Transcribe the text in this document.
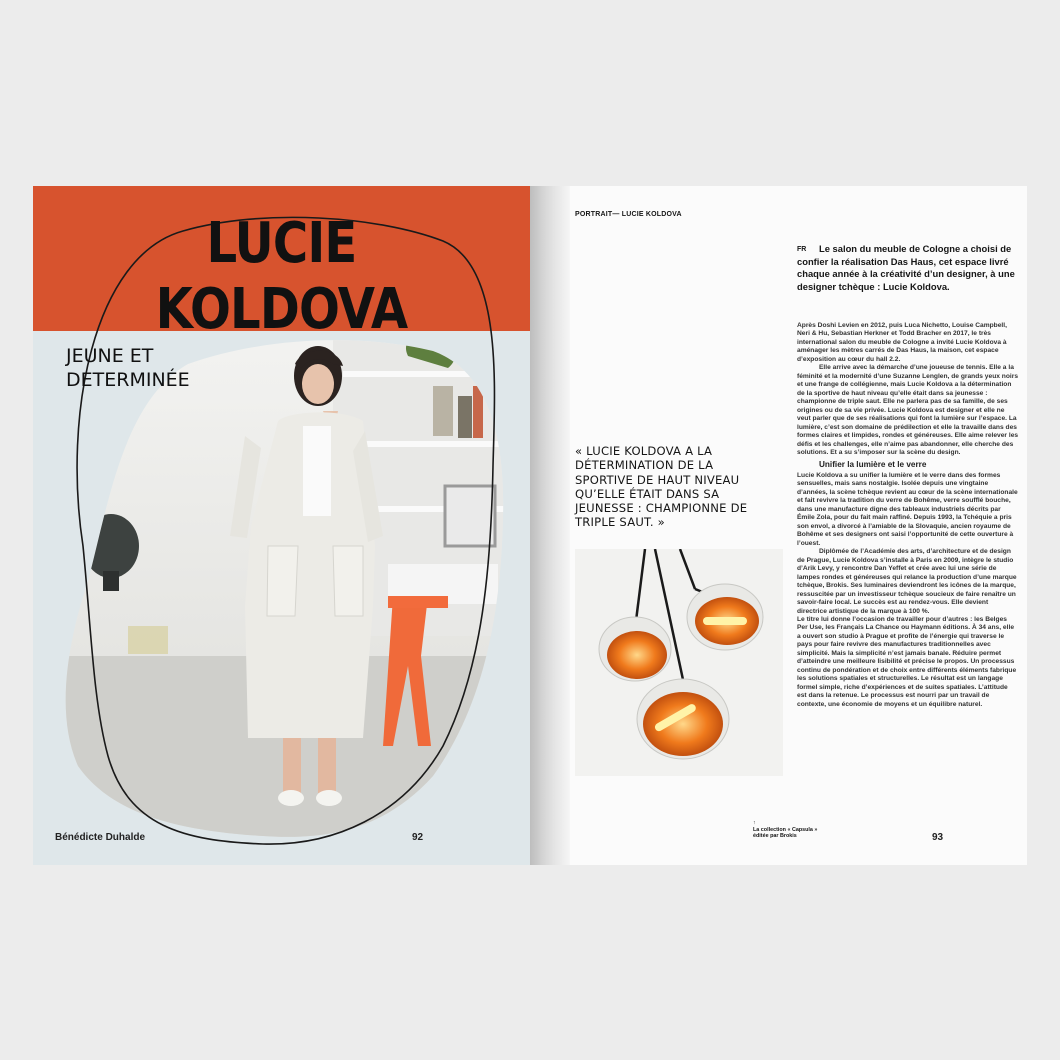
LUCIE
KOLDOVA
JEUNE ET
DETERMINÉE
Bénédicte Duhalde	92
PORTRAIT— LUCIE KOLDOVA
FR	Le salon du meuble de Cologne a choisi de confier la réalisation Das Haus, cet espace livré chaque année à la créativité d’un designer, à une designer tchèque : Lucie Koldova.

« LUCIE KOLDOVA A LA DÉTERMINATION DE LA SPORTIVE DE HAUT NIVEAU QU’ELLE ÉTAIT DANS SA JEUNESSE : CHAMPIONNE DE TRIPLE SAUT. »

↑
La collection « Capsula » éditée par Brokis

Après Doshi Levien en 2012, puis Luca Nichetto, Louise Campbell, Neri & Hu, Sebastian Herkner et Todd Bracher en 2017, le très international salon du meuble de Cologne a invité Lucie Koldova à aménager les mètres carrés de Das Haus, la maison, cet espace d’exposition au cœur du hall 2.2.

Elle arrive avec la démarche d’une joueuse de tennis. Elle a la féminité et la modernité d’une Suzanne Lenglen, de grands yeux noirs et une frange de collégienne, mais Lucie Koldova a la détermination de la sportive de haut niveau qu’elle était dans sa jeunesse : championne de triple saut. Elle ne parlera pas de sa famille, de ses origines ou de sa vie privée. Lucie Koldova est designer et elle ne veut parler que de ses réalisations qui font la lumière sur l’espace. La lumière, c’est son domaine de prédilection et elle la travaille dans des formes claires et limpides, rondes et généreuses. Elle aime relever les défis et les challenges, elle n’aime pas abandonner, elle cherche des solutions. Et a su s’imposer sur la scène du design.

Unifier la lumière et le verre

Lucie Koldova a su unifier la lumière et le verre dans des formes sensuelles, mais sans nostalgie. Isolée depuis une vingtaine d’années, la scène tchèque revient au cœur de la scène internationale et fait revivre la tradition du verre de Bohême, verre soufflé bouche, dans une manufacture digne des tableaux industriels décrits par Émile Zola, pour du fait main raffiné. Depuis 1993, la Tchéquie a pris son envol, a divorcé à l’amiable de la Slovaquie, ancien royaume de Bohême et ses designers ont saisi l’opportunité de cette ouverture à l’ouest.

Diplômée de l’Académie des arts, d’architecture et de design de Prague, Lucie Koldova s’installe à Paris en 2009, intègre le studio d’Arik Levy, y rencontre Dan Yeffet et crée avec lui une série de lampes rondes et généreuses qui relance la production d’une marque tchèque, Brokis. Ses luminaires deviendront les icônes de la marque, ressuscitée par un investisseur tchèque soucieux de faire renaître un savoir-faire local. Le succès est au rendez-vous. Elle devient directrice artistique de la marque à 100 %.

Le titre lui donne l’occasion de travailler pour d’autres : les Belges Per Use, les Français La Chance ou Haymann éditions. À 34 ans, elle a ouvert son studio à Prague et profite de l’énergie qui traverse le pays pour faire revivre des manufactures traditionnelles avec simplicité. Mais la simplicité n’est jamais banale. Réduire permet d’atteindre une meilleure lisibilité et précise le propos. Un processus continu de pondération et de choix entre différents éléments fabrique les solutions spatiales et structurelles. Le résultat est un langage formel simple, riche d’expériences et de suites spatiales. L’attitude est dans la retenue. Le processus est nourri par un travail de contexte, une économie de moyens et un équilibre naturel.

93
